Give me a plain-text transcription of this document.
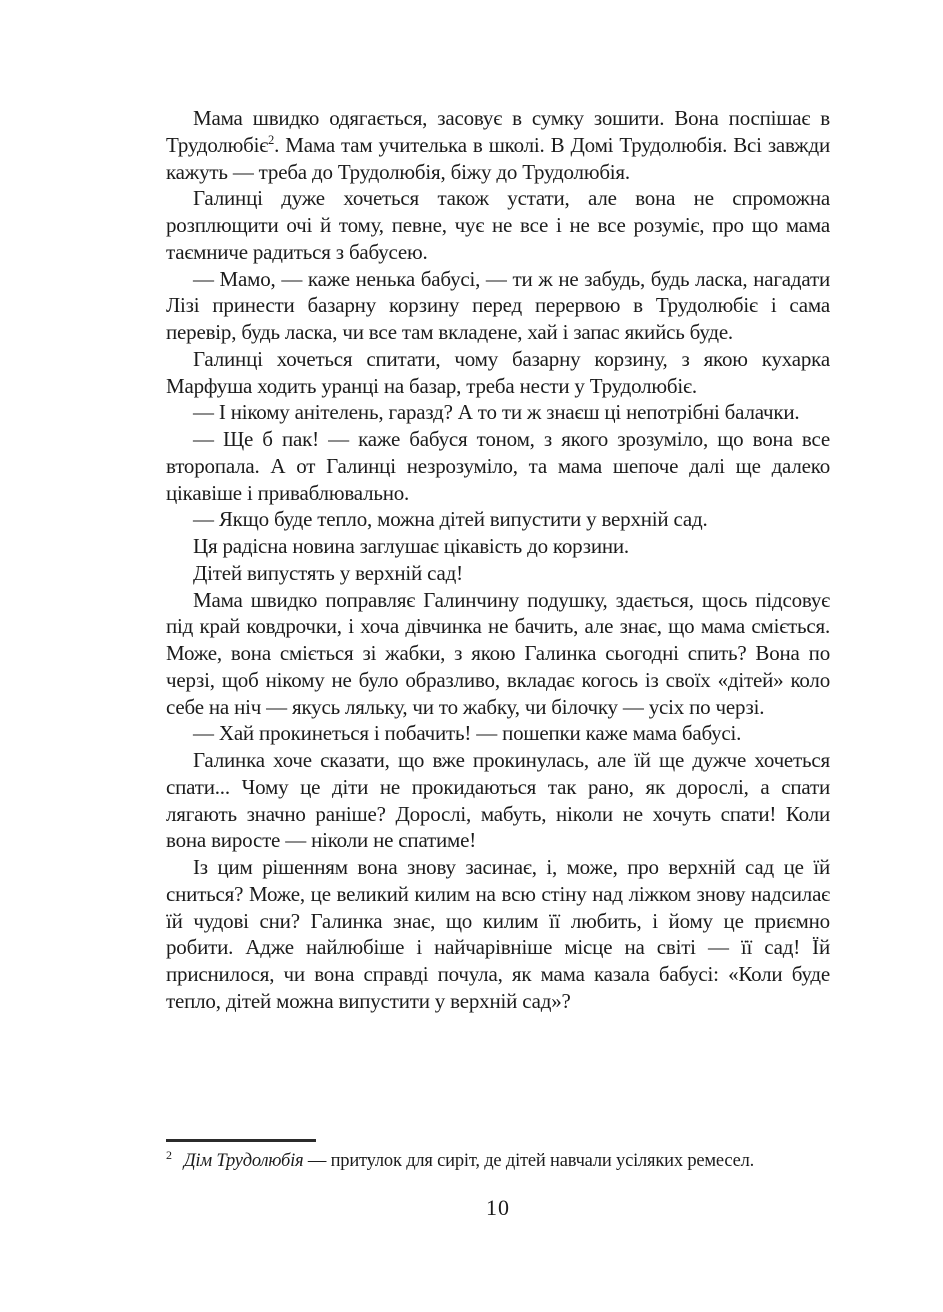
Мама швидко одягається, засовує в сумку зошити. Вона поспішає в Трудолюбіє$^2$. Мама там учителька в школі. В Домі Трудолюбія. Всі завжди кажуть — треба до Трудолюбія, біжу до Трудолюбія.

Галинці дуже хочеться також устати, але вона не спроможна розплющити очі й тому, певне, чує не все і не все розуміє, про що мама таємниче радиться з бабусею.

— Мамо, — каже ненька бабусі, — ти ж не забудь, будь ласка, нагадати Лізі принести базарну корзину перед перервою в Трудолюбіє і сама перевір, будь ласка, чи все там вкладене, хай і запас якийсь буде.

Галинці хочеться спитати, чому базарну корзину, з якою кухарка Марфуша ходить уранці на базар, треба нести у Трудолюбіє.

— І нікому анітелень, гаразд? А то ти ж знаєш ці непотрібні балачки.

— Ще б пак! — каже бабуся тоном, з якого зрозуміло, що вона все второпала. А от Галинці незрозуміло, та мама шепоче далі ще далеко цікавіше і приваблювально.

— Якщо буде тепло, можна дітей випустити у верхній сад.

Ця радісна новина заглушає цікавість до корзини.

Дітей випустять у верхній сад!

Мама швидко поправляє Галинчину подушку, здається, щось підсовує під край ковдрочки, і хоча дівчинка не бачить, але знає, що мама сміється. Може, вона сміється зі жабки, з якою Галинка сьогодні спить? Вона по черзі, щоб нікому не було образливо, вкладає когось із своїх «дітей» коло себе на ніч — якусь ляльку, чи то жабку, чи білочку — усіх по черзі.

— Хай прокинеться і побачить! — пошепки каже мама бабусі.

Галинка хоче сказати, що вже прокинулась, але їй ще дужче хочеться спати... Чому це діти не прокидаються так рано, як дорослі, а спати лягають значно раніше? Дорослі, мабуть, ніколи не хочуть спати! Коли вона виросте — ніколи не спатиме!

Із цим рішенням вона знову засинає, і, може, про верхній сад це їй сниться? Може, це великий килим на всю стіну над ліжком знову надсилає їй чудові сни? Галинка знає, що килим її любить, і йому це приємно робити. Адже найлюбіше і найчарівніше місце на світі — її сад! Їй приснилося, чи вона справді почула, як мама казала бабусі: «Коли буде тепло, дітей можна випустити у верхній сад»?

$^2$ Дім Трудолюбія — притулок для сиріт, де дітей навчали усіляких ремесел.

10
